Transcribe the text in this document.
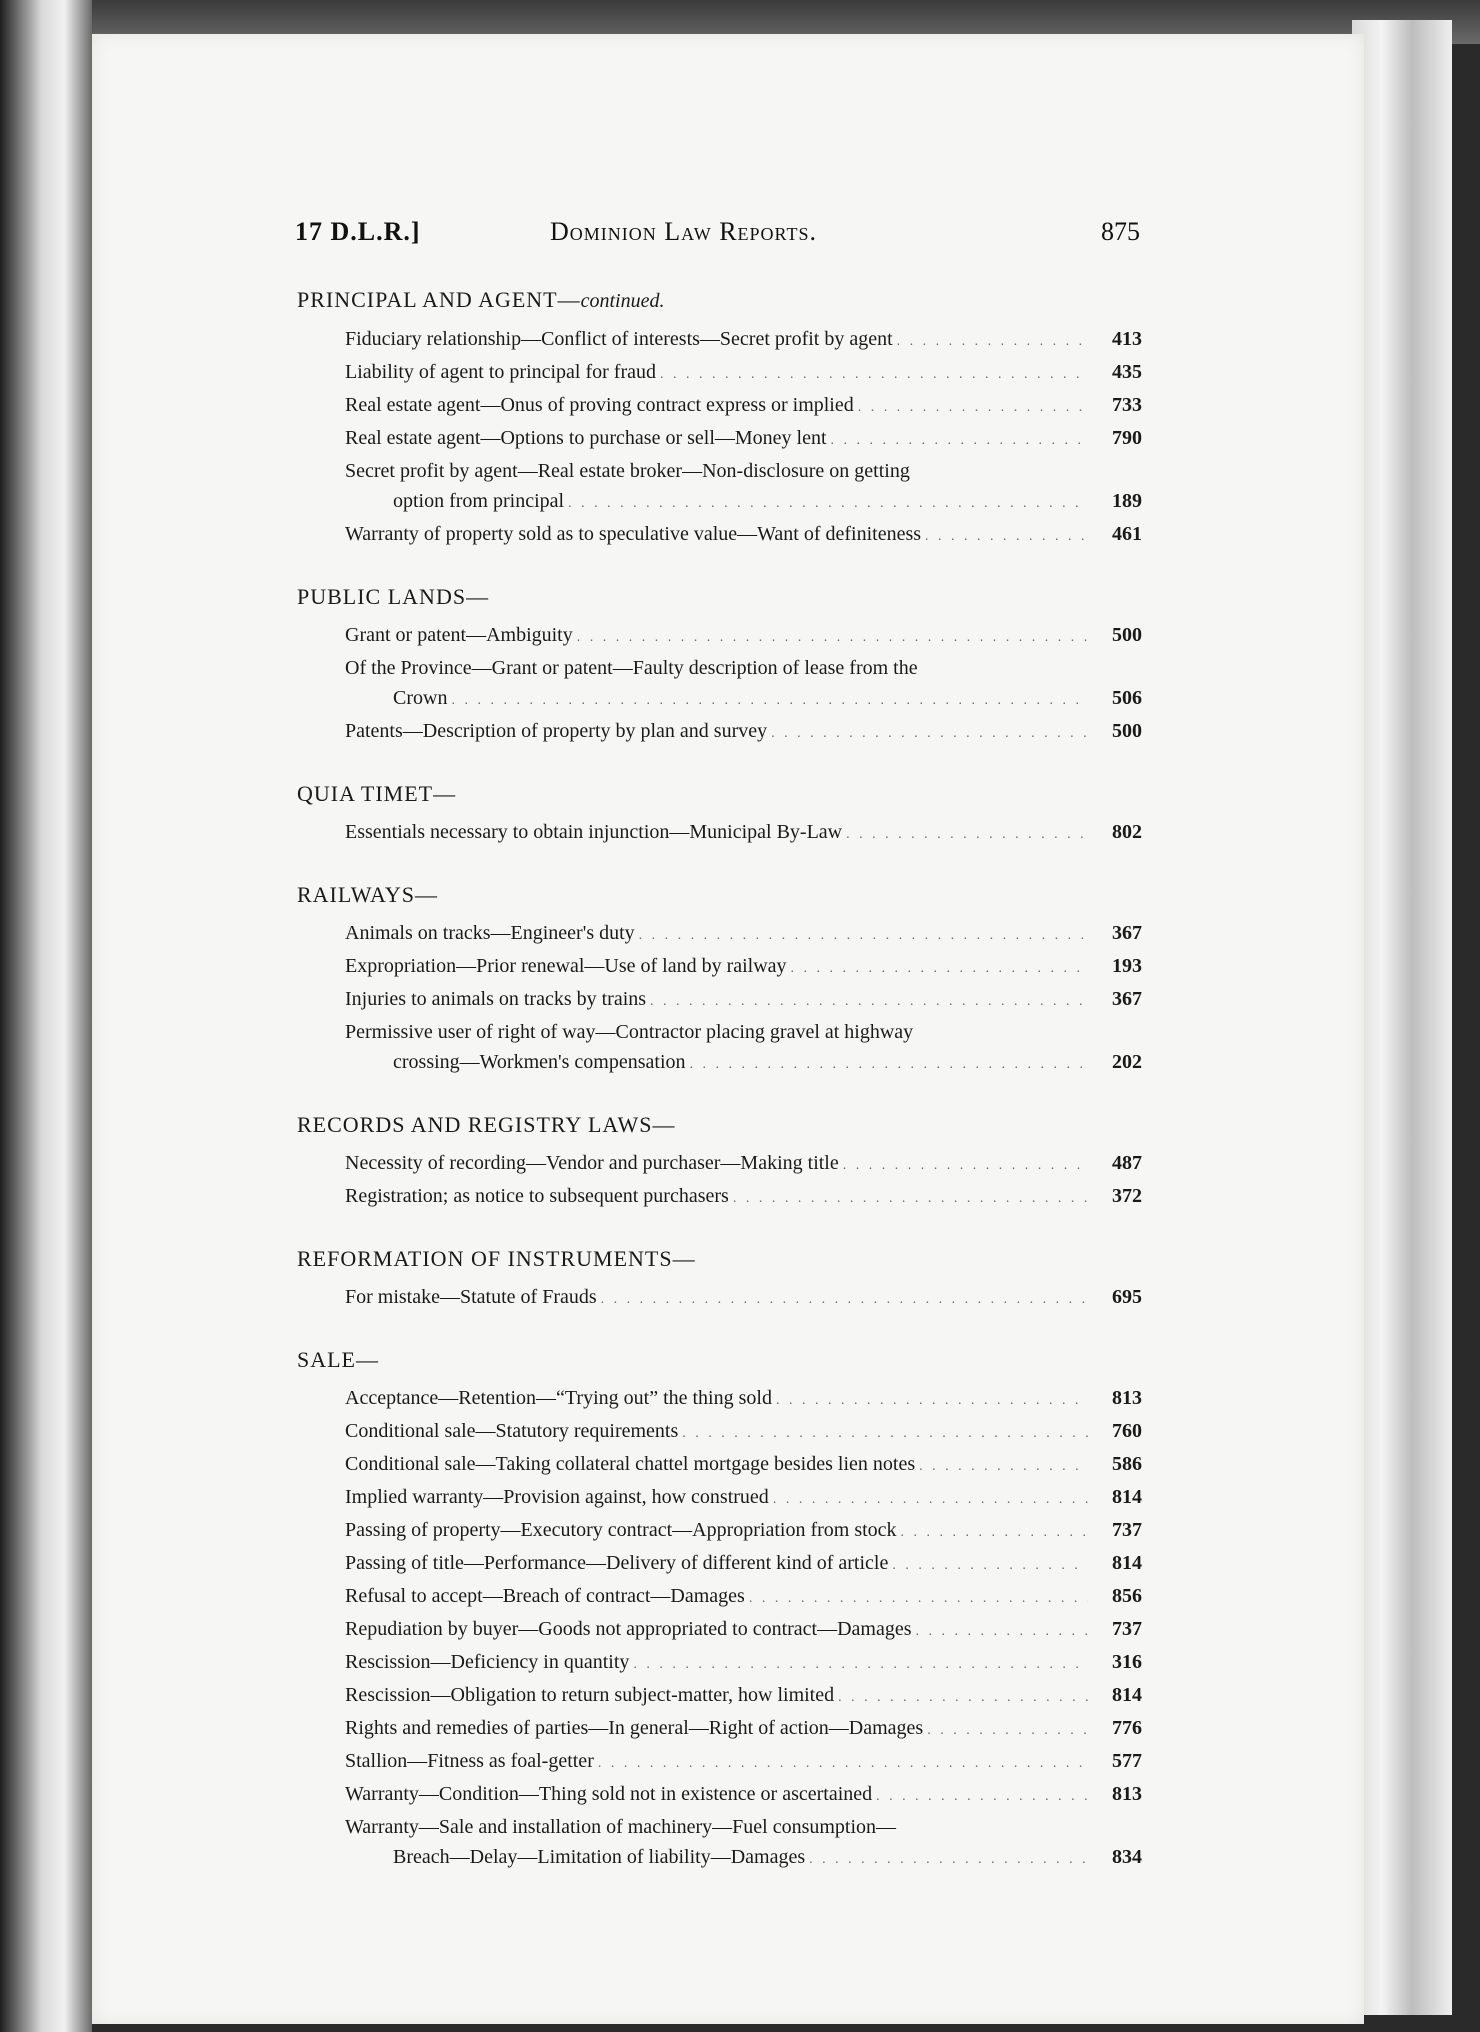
17 D.L.R.]	Dominion Law Reports.	875
PRINCIPAL AND AGENT—continued.
Fiduciary relationship—Conflict of interests—Secret profit by agent . . .	413
Liability of agent to principal for fraud . . .	435
Real estate agent—Onus of proving contract express or implied . . .	733
Real estate agent—Options to purchase or sell—Money lent . . .	790
Secret profit by agent—Real estate broker—Non-disclosure on getting
option from principal . . .	189
Warranty of property sold as to speculative value—Want of definiteness . . .	461
PUBLIC LANDS—
Grant or patent—Ambiguity . . .	500
Of the Province—Grant or patent—Faulty description of lease from the
Crown . . .	506
Patents—Description of property by plan and survey . . .	500
QUIA TIMET—
Essentials necessary to obtain injunction—Municipal By-Law . . .	802
RAILWAYS—
Animals on tracks—Engineer's duty . . .	367
Expropriation—Prior renewal—Use of land by railway . . .	193
Injuries to animals on tracks by trains . . .	367
Permissive user of right of way—Contractor placing gravel at highway
crossing—Workmen's compensation . . .	202
RECORDS AND REGISTRY LAWS—
Necessity of recording—Vendor and purchaser—Making title . . .	487
Registration; as notice to subsequent purchasers . . .	372
REFORMATION OF INSTRUMENTS—
For mistake—Statute of Frauds . . .	695
SALE—
Acceptance—Retention—“Trying out” the thing sold . . .	813
Conditional sale—Statutory requirements . . .	760
Conditional sale—Taking collateral chattel mortgage besides lien notes . . .	586
Implied warranty—Provision against, how construed . . .	814
Passing of property—Executory contract—Appropriation from stock . . .	737
Passing of title—Performance—Delivery of different kind of article . . .	814
Refusal to accept—Breach of contract—Damages . . .	856
Repudiation by buyer—Goods not appropriated to contract—Damages . . .	737
Rescission—Deficiency in quantity . . .	316
Rescission—Obligation to return subject-matter, how limited . . .	814
Rights and remedies of parties—In general—Right of action—Damages . . .	776
Stallion—Fitness as foal-getter . . .	577
Warranty—Condition—Thing sold not in existence or ascertained . . .	813
Warranty—Sale and installation of machinery—Fuel consumption—
Breach—Delay—Limitation of liability—Damages . . .	834
